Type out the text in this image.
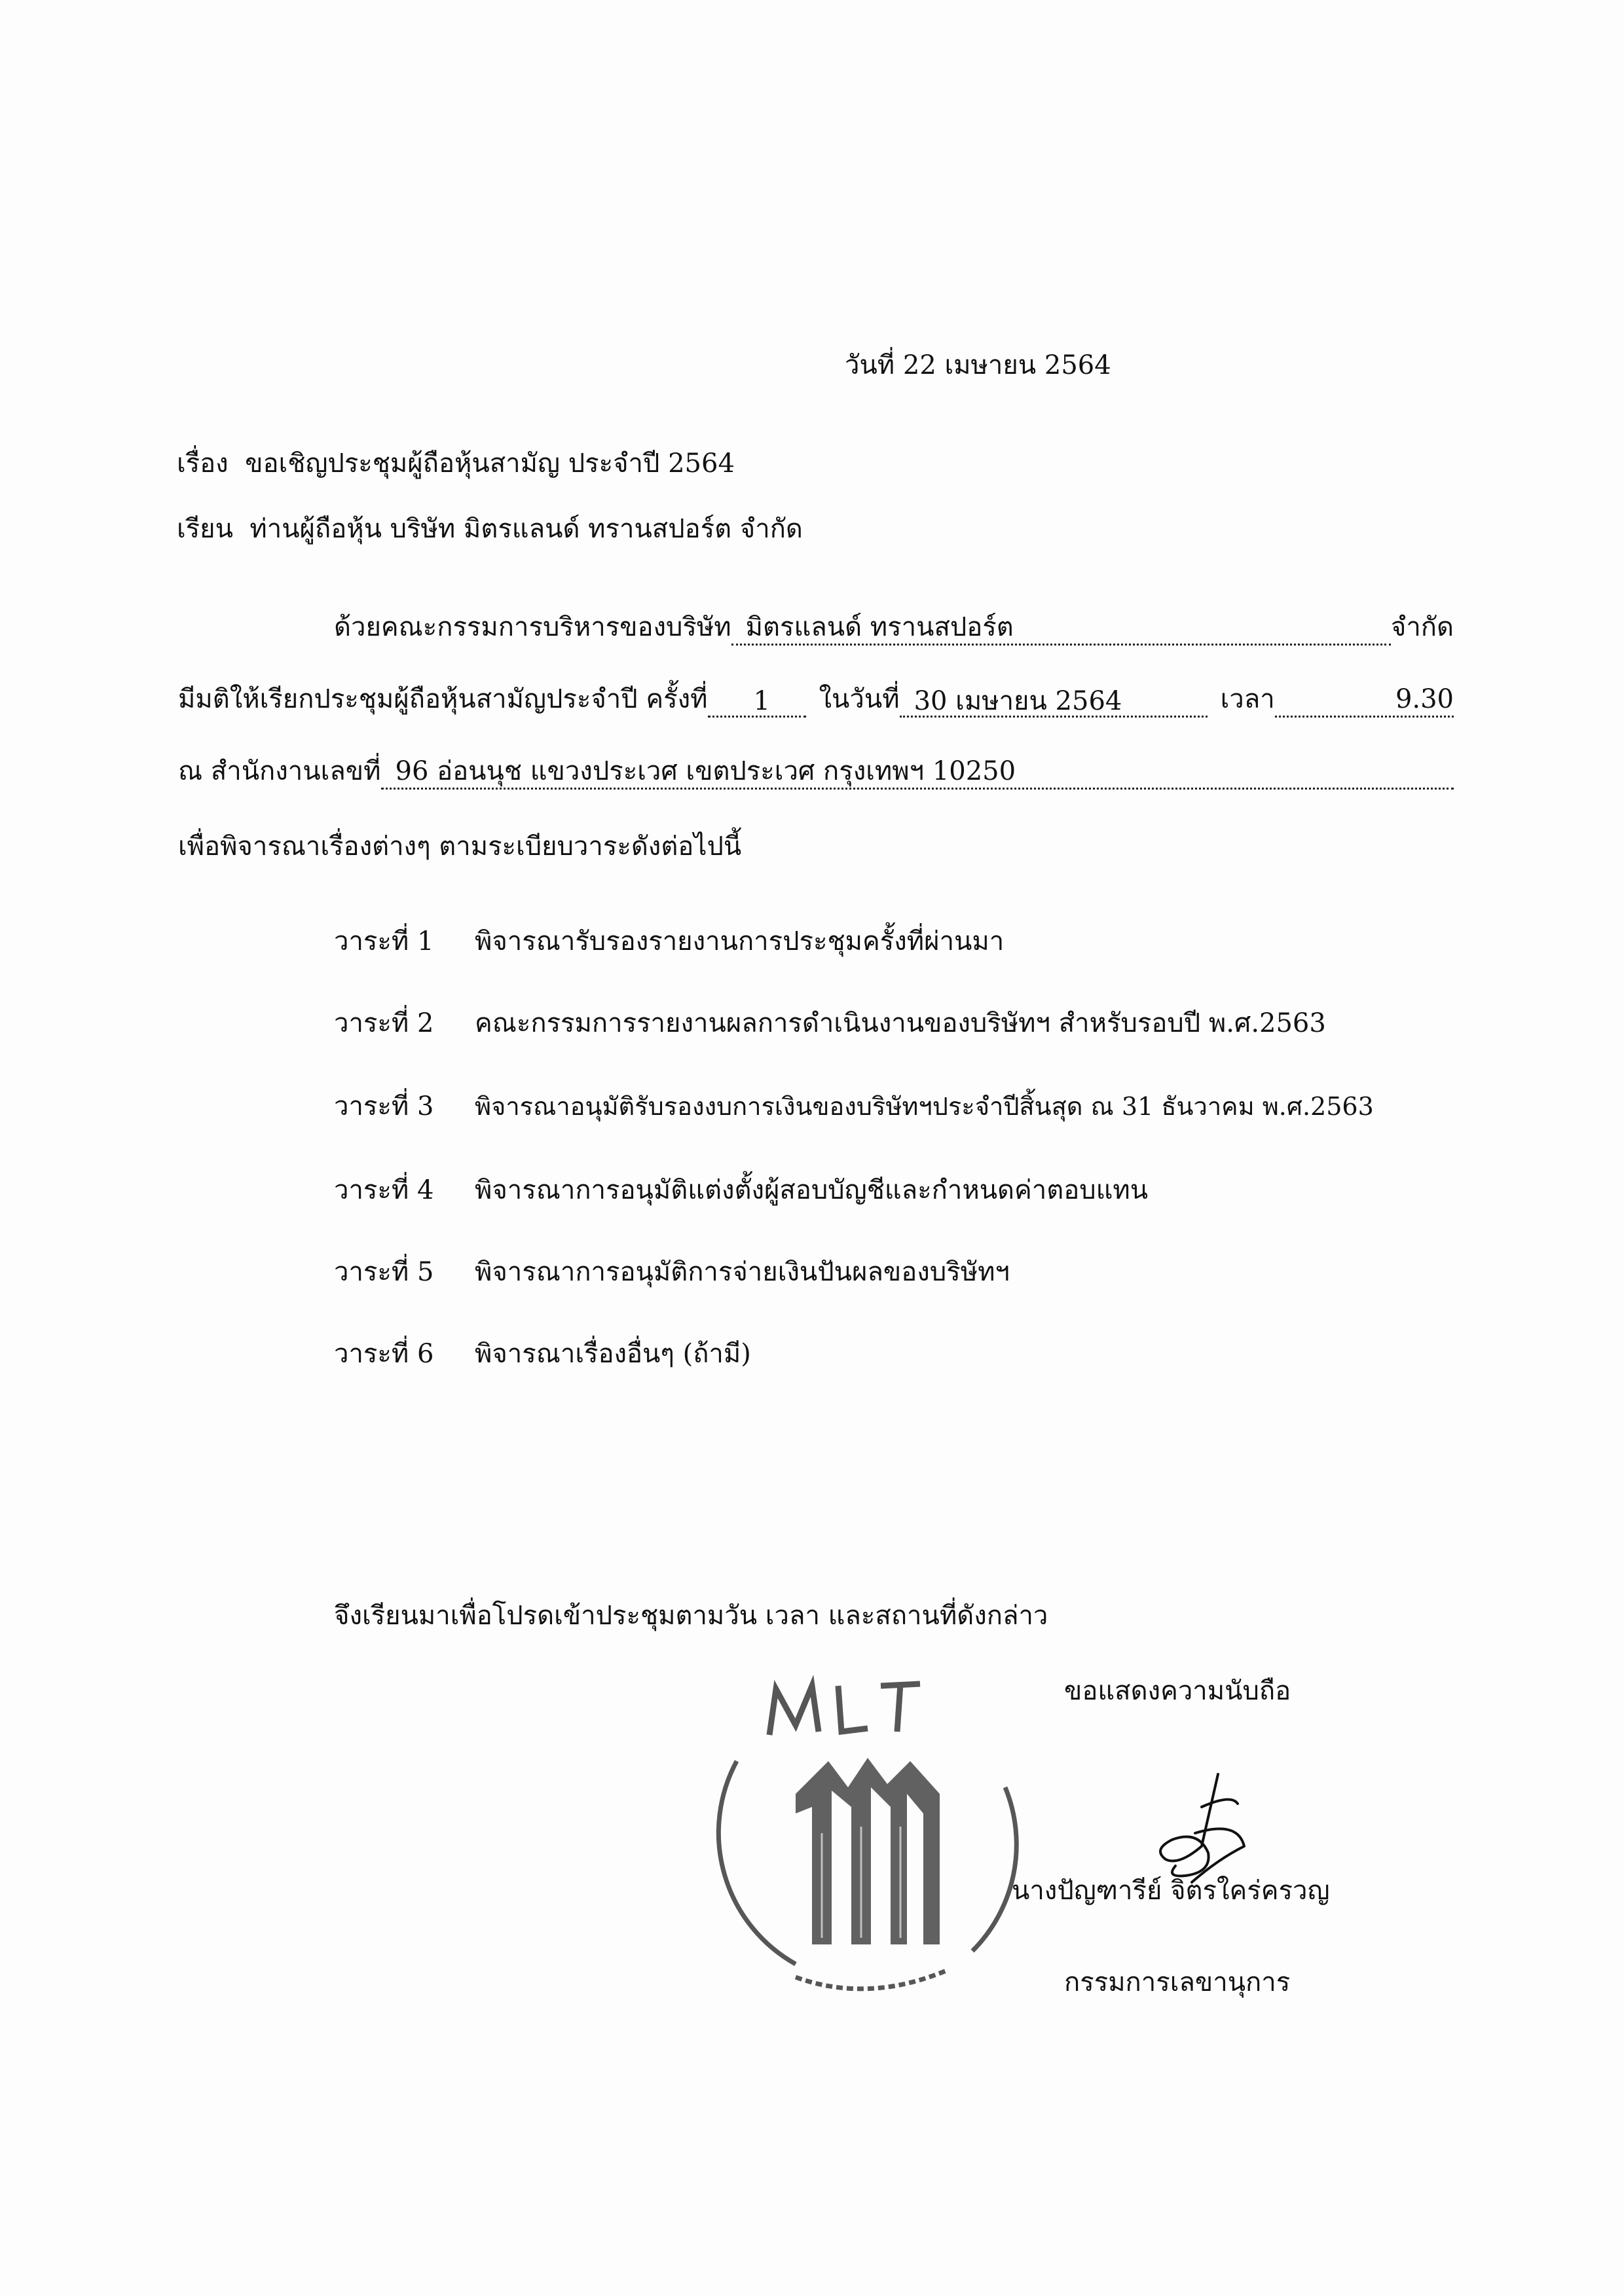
วันที่ 22 เมษายน 2564
เรื่อง ขอเชิญประชุมผู้ถือหุ้นสามัญ ประจำปี 2564
เรียน ท่านผู้ถือหุ้น บริษัท มิตรแลนด์ ทรานสปอร์ต จำกัด
ด้วยคณะกรรมการบริหารของบริษัท มิตรแลนด์ ทรานสปอร์ต	จำกัด
มีมติให้เรียกประชุมผู้ถือหุ้นสามัญประจำปี ครั้งที่	1	ในวันที่ 30 เมษายน 2564	เวลา	9.30
ณ สำนักงานเลขที่ 96 อ่อนนุช แขวงประเวศ เขตประเวศ กรุงเทพฯ 10250
เพื่อพิจารณาเรื่องต่างๆ ตามระเบียบวาระดังต่อไปนี้
วาระที่ 1 พิจารณารับรองรายงานการประชุมครั้งที่ผ่านมา
วาระที่ 2 คณะกรรมการรายงานผลการดำเนินงานของบริษัทฯ สำหรับรอบปี พ.ศ.2563
วาระที่ 3 พิจารณาอนุมัติรับรองงบการเงินของบริษัทฯประจำปีสิ้นสุด ณ 31 ธันวาคม พ.ศ.2563
วาระที่ 4 พิจารณาการอนุมัติแต่งตั้งผู้สอบบัญชีและกำหนดค่าตอบแทน
วาระที่ 5 พิจารณาการอนุมัติการจ่ายเงินปันผลของบริษัทฯ
วาระที่ 6 พิจารณาเรื่องอื่นๆ (ถ้ามี)
จึงเรียนมาเพื่อโปรดเข้าประชุมตามวัน เวลา และสถานที่ดังกล่าว
ขอแสดงความนับถือ
นางปัญฑารีย์ จิตรใคร่ครวญ
กรรมการเลขานุการ
